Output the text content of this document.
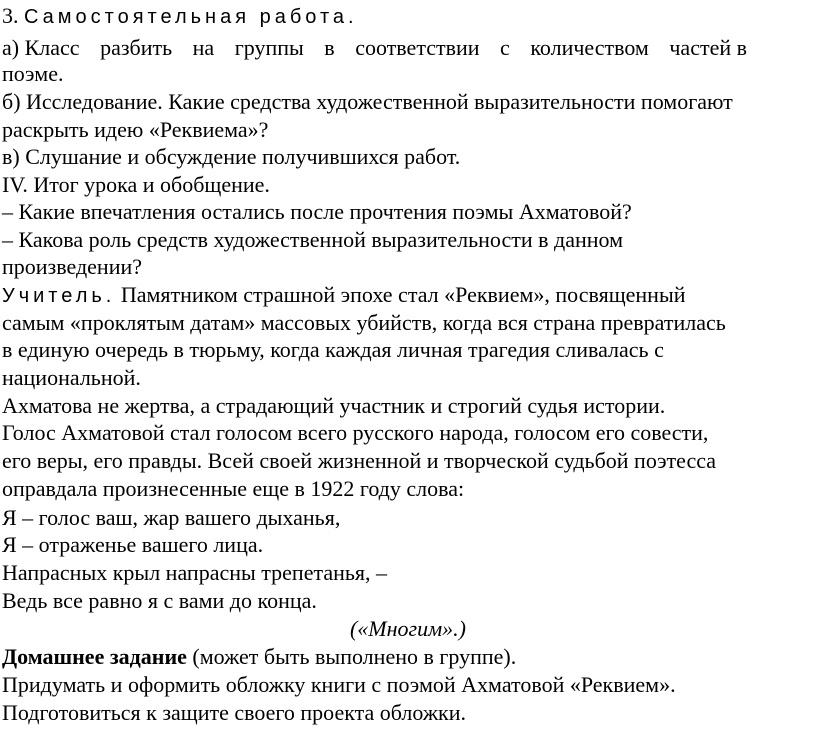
3. Самостоятельная работа.
а) Класс разбить на группы в соответствии с количеством частей в
поэме.
б) Исследование. Какие средства художественной выразительности помогают
раскрыть идею «Реквиема»?
в) Слушание и обсуждение получившихся работ.
IV. Итог урока и обобщение.
– Какие впечатления остались после прочтения поэмы Ахматовой?
– Какова роль средств художественной выразительности в данном
произведении?
Учитель. Памятником страшной эпохе стал «Реквием», посвященный
самым «проклятым датам» массовых убийств, когда вся страна превратилась
в единую очередь в тюрьму, когда каждая личная трагедия сливалась с
национальной.
Ахматова не жертва, а страдающий участник и строгий судья истории.
Голос Ахматовой стал голосом всего русского народа, голосом его совести,
его веры, его правды. Всей своей жизненной и творческой судьбой поэтесса
оправдала произнесенные еще в 1922 году слова:
Я – голос ваш, жар вашего дыханья,
Я – отраженье вашего лица.
Напрасных крыл напрасны трепетанья, –
Ведь все равно я с вами до конца.
(«Многим».)
Домашнее задание (может быть выполнено в группе).
Придумать и оформить обложку книги с поэмой Ахматовой «Реквием».
Подготовиться к защите своего проекта обложки.
